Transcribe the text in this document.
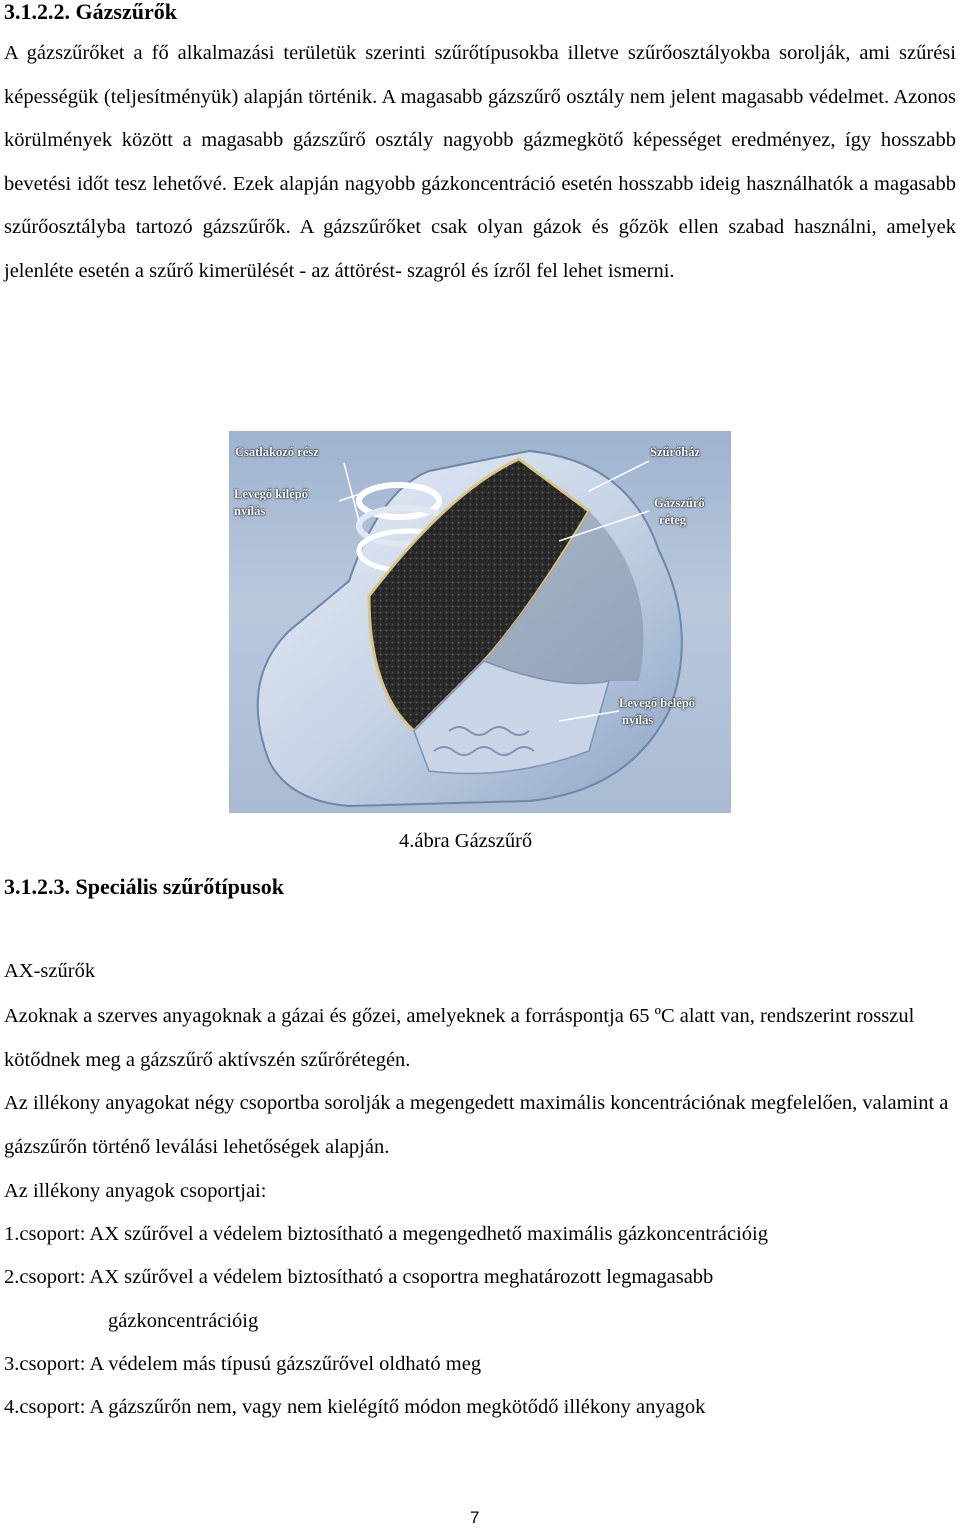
3.1.2.2. Gázszűrők

A gázszűrőket a fő alkalmazási területük szerinti szűrőtípusokba illetve szűrőosztályokba sorolják, ami szűrési képességük (teljesítményük) alapján történik. A magasabb gázszűrő osztály nem jelent magasabb védelmet. Azonos körülmények között a magasabb gázszűrő osztály nagyobb gázmegkötő képességet eredményez, így hosszabb bevetési időt tesz lehetővé. Ezek alapján nagyobb gázkoncentráció esetén hosszabb ideig használhatók a magasabb szűrőosztályba tartozó gázszűrők. A gázszűrőket csak olyan gázok és gőzök ellen szabad használni, amelyek jelenléte esetén a szűrő kimerülését - az áttörést- szagról és ízről fel lehet ismerni.

Csatlakozó rész	Szűrőház
Levegő kilépő
nyílás
Gázszűrő
réteg
Levegő belépő
nyílás
4.ábra Gázszűrő
3.1.2.3. Speciális szűrőtípusok

AX-szűrők

Azoknak a szerves anyagoknak a gázai és gőzei, amelyeknek a forráspontja 65 ºC alatt van, rendszerint rosszul kötődnek meg a gázszűrő aktívszén szűrőrétegén.

Az illékony anyagokat négy csoportba sorolják a megengedett maximális koncentrációnak megfelelően, valamint a gázszűrőn történő leválási lehetőségek alapján.

Az illékony anyagok csoportjai:

1.csoport: AX szűrővel a védelem biztosítható a megengedhető maximális gázkoncentrációig

2.csoport: AX szűrővel a védelem biztosítható a csoportra meghatározott legmagasabb

gázkoncentrációig

3.csoport: A védelem más típusú gázszűrővel oldható meg

4.csoport: A gázszűrőn nem, vagy nem kielégítő módon megkötődő illékony anyagok

7
